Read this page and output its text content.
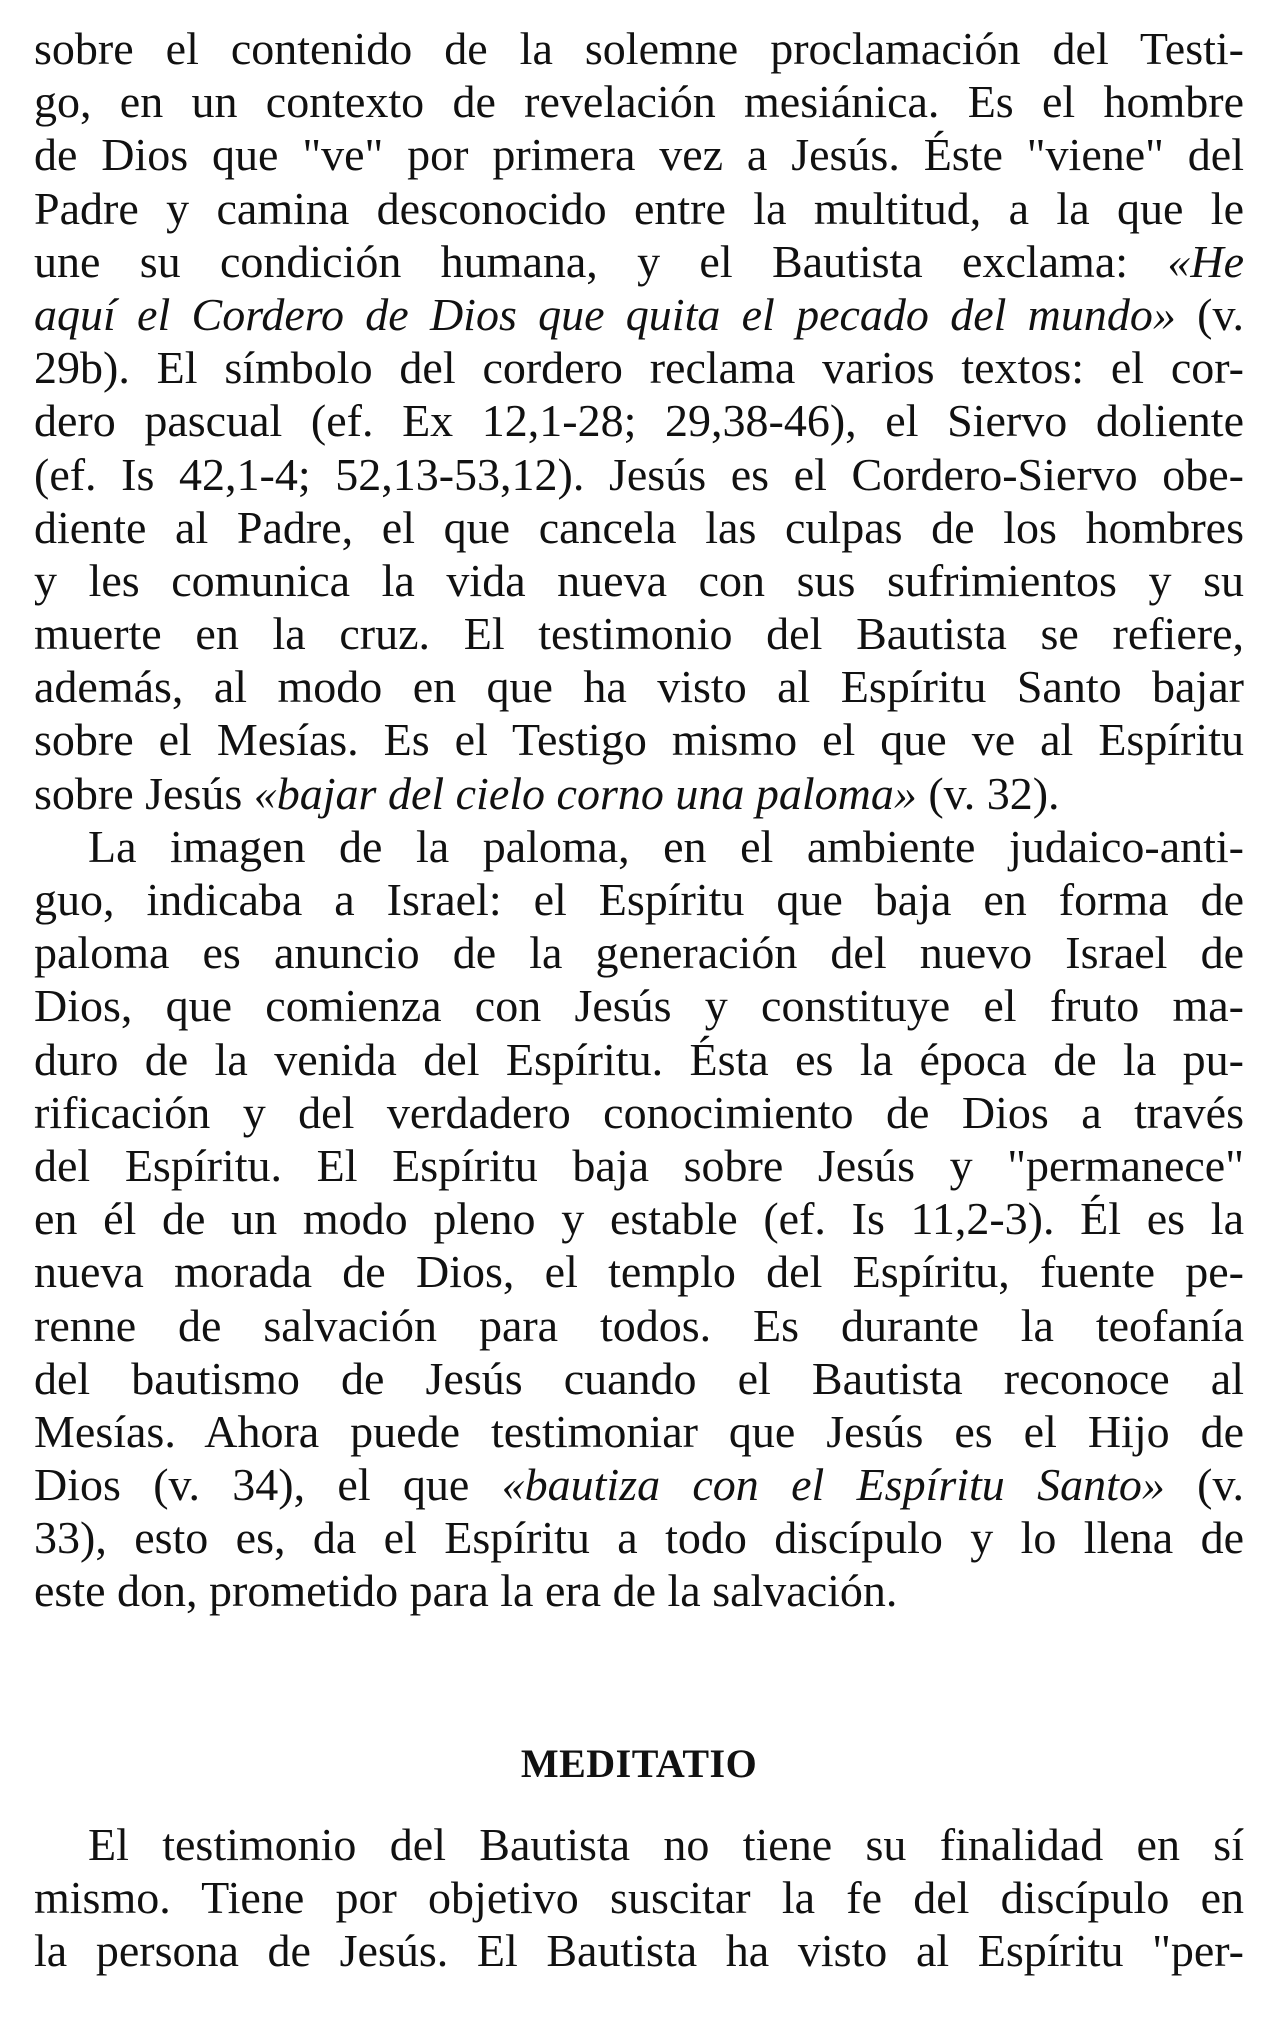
sobre el contenido de la solemne proclamación del Testi-
go, en un contexto de revelación mesiánica. Es el hombre
de Dios que "ve" por primera vez a Jesús. Éste "viene" del
Padre y camina desconocido entre la multitud, a la que le
une su condición humana, y el Bautista exclama: «He
aquí el Cordero de Dios que quita el pecado del mundo» (v.
29b). El símbolo del cordero reclama varios textos: el cor-
dero pascual (ef. Ex 12,1-28; 29,38-46), el Siervo doliente
(ef. Is 42,1-4; 52,13-53,12). Jesús es el Cordero-Siervo obe-
diente al Padre, el que cancela las culpas de los hombres
y les comunica la vida nueva con sus sufrimientos y su
muerte en la cruz. El testimonio del Bautista se refiere,
además, al modo en que ha visto al Espíritu Santo bajar
sobre el Mesías. Es el Testigo mismo el que ve al Espíritu
sobre Jesús «bajar del cielo corno una paloma» (v. 32).
La imagen de la paloma, en el ambiente judaico-anti-
guo, indicaba a Israel: el Espíritu que baja en forma de
paloma es anuncio de la generación del nuevo Israel de
Dios, que comienza con Jesús y constituye el fruto ma-
duro de la venida del Espíritu. Ésta es la época de la pu-
rificación y del verdadero conocimiento de Dios a través
del Espíritu. El Espíritu baja sobre Jesús y "permanece"
en él de un modo pleno y estable (ef. Is 11,2-3). Él es la
nueva morada de Dios, el templo del Espíritu, fuente pe-
renne de salvación para todos. Es durante la teofanía
del bautismo de Jesús cuando el Bautista reconoce al
Mesías. Ahora puede testimoniar que Jesús es el Hijo de
Dios (v. 34), el que «bautiza con el Espíritu Santo» (v.
33), esto es, da el Espíritu a todo discípulo y lo llena de
este don, prometido para la era de la salvación.
MEDITATIO
El testimonio del Bautista no tiene su finalidad en sí
mismo. Tiene por objetivo suscitar la fe del discípulo en
la persona de Jesús. El Bautista ha visto al Espíritu "per-
